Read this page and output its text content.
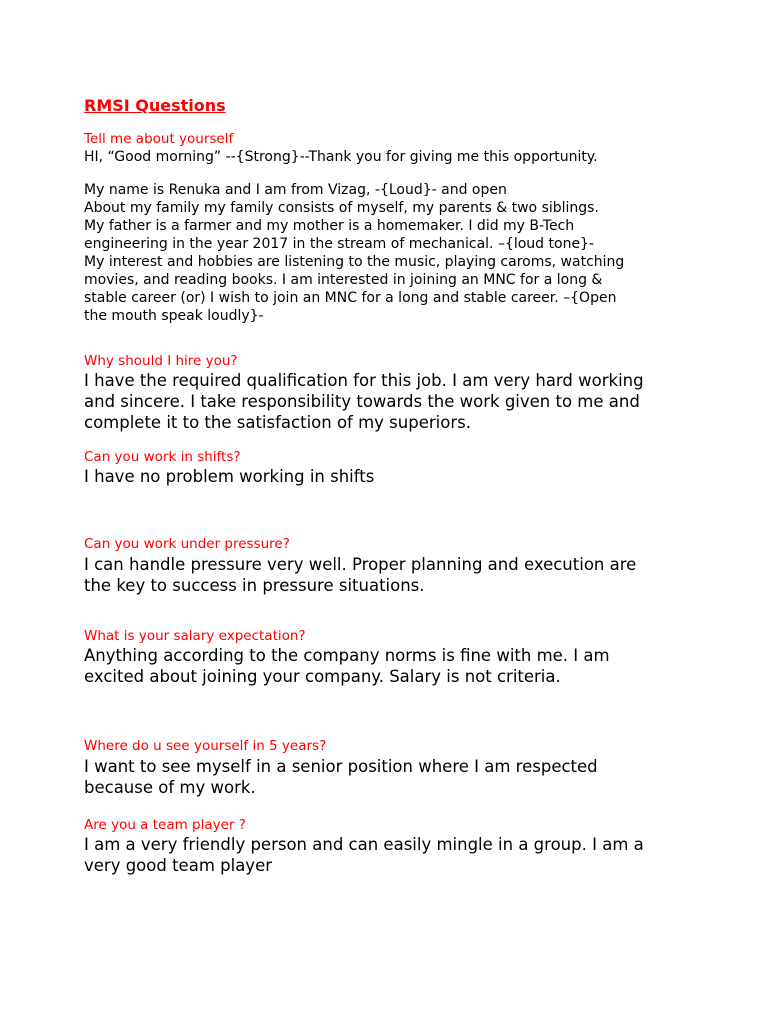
RMSI Questions
Tell me about yourself
HI, “Good morning” --{Strong}--Thank you for giving me this opportunity.
My name is Renuka and I am from Vizag, -{Loud}- and open
About my family my family consists of myself, my parents & two siblings.
My father is a farmer and my mother is a homemaker. I did my B-Tech
engineering in the year 2017 in the stream of mechanical. –{loud tone}-
My interest and hobbies are listening to the music, playing caroms, watching
movies, and reading books. I am interested in joining an MNC for a long &
stable career (or) I wish to join an MNC for a long and stable career. –{Open
the mouth speak loudly}-
Why should I hire you?
I have the required qualification for this job. I am very hard working
and sincere. I take responsibility towards the work given to me and
complete it to the satisfaction of my superiors.
Can you work in shifts?
I have no problem working in shifts
Can you work under pressure?
I can handle pressure very well. Proper planning and execution are
the key to success in pressure situations.
What is your salary expectation?
Anything according to the company norms is fine with me. I am
excited about joining your company. Salary is not criteria.
Where do u see yourself in 5 years?
I want to see myself in a senior position where I am respected
because of my work.
Are you a team player ?
I am a very friendly person and can easily mingle in a group. I am a
very good team player
